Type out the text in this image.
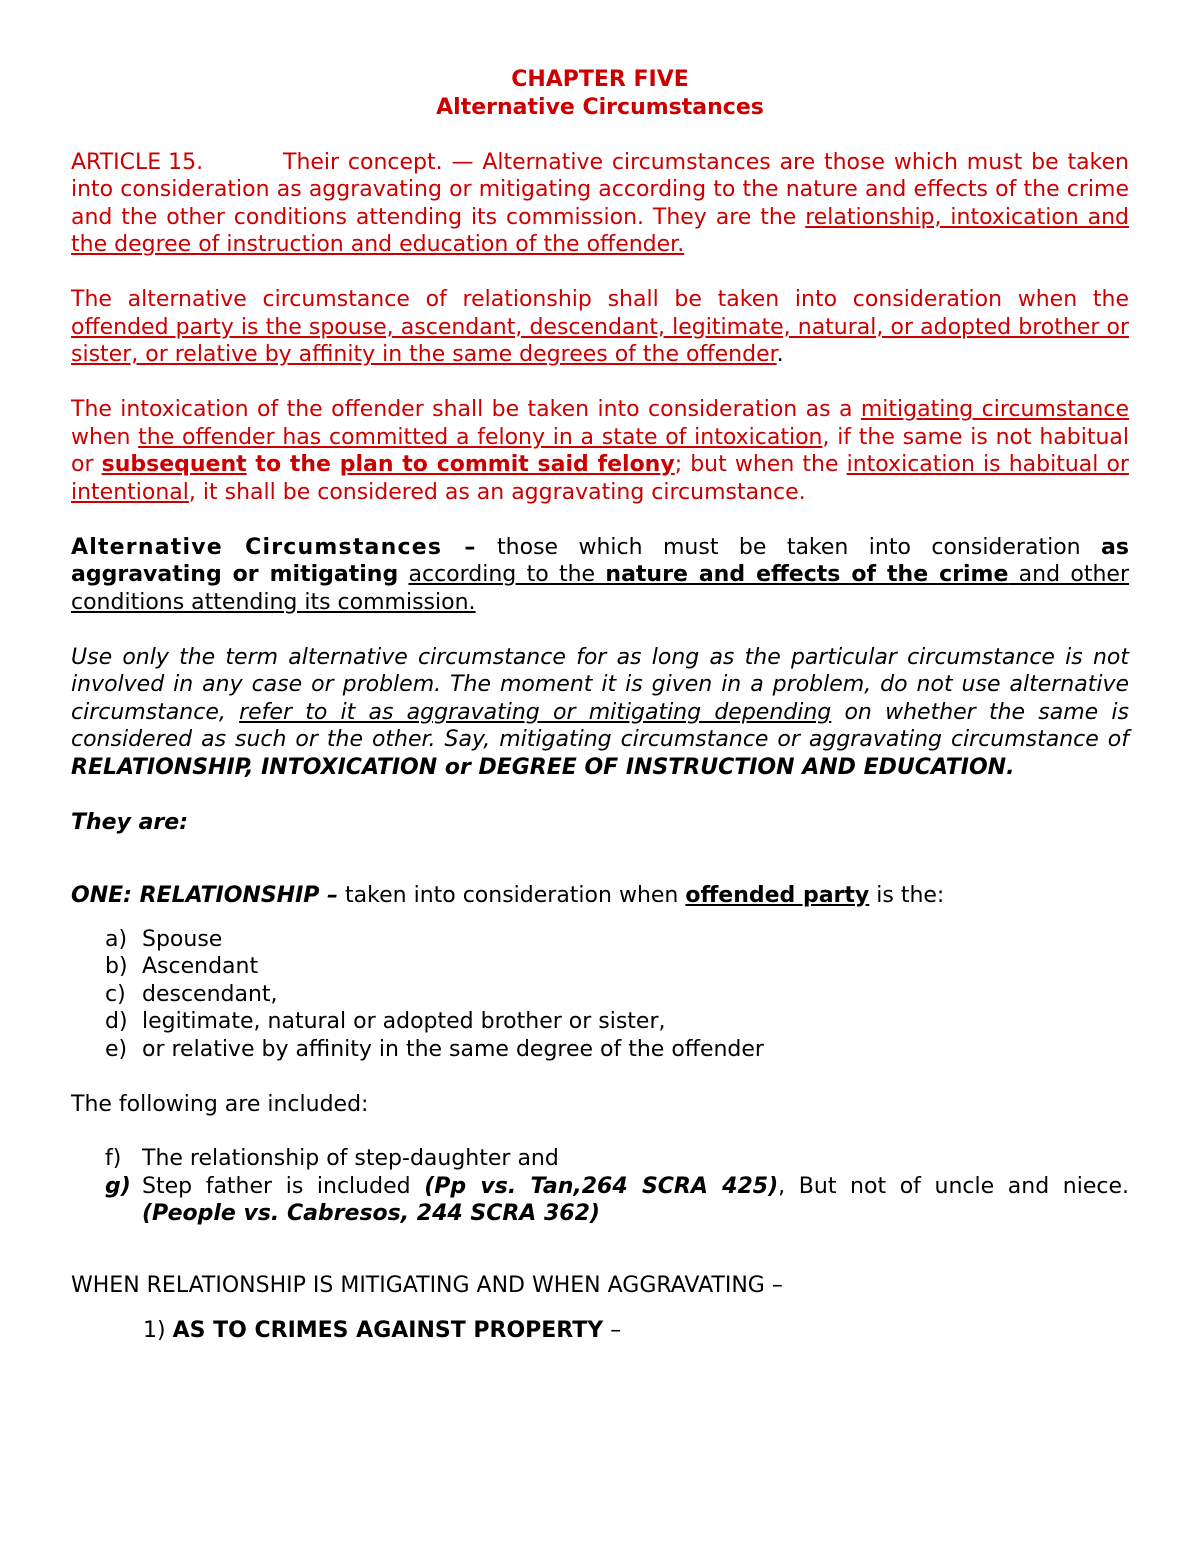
CHAPTER FIVE

Alternative Circumstances

ARTICLE 15.	Their concept. — Alternative circumstances are those which must be taken into consideration as aggravating or mitigating according to the nature and effects of the crime and the other conditions attending its commission. They are the relationship, intoxication and the degree of instruction and education of the offender.

The alternative circumstance of relationship shall be taken into consideration when the offended party is the spouse, ascendant, descendant, legitimate, natural, or adopted brother or sister, or relative by affinity in the same degrees of the offender.

The intoxication of the offender shall be taken into consideration as a mitigating circumstance when the offender has committed a felony in a state of intoxication, if the same is not habitual or subsequent to the plan to commit said felony; but when the intoxication is habitual or intentional, it shall be considered as an aggravating circumstance.

Alternative Circumstances – those which must be taken into consideration as aggravating or mitigating according to the nature and effects of the crime and other conditions attending its commission.

Use only the term alternative circumstance for as long as the particular circumstance is not involved in any case or problem. The moment it is given in a problem, do not use alternative circumstance, refer to it as aggravating or mitigating depending on whether the same is considered as such or the other. Say, mitigating circumstance or aggravating circumstance of RELATIONSHIP, INTOXICATION or DEGREE OF INSTRUCTION AND EDUCATION.

They are:

ONE: RELATIONSHIP – taken into consideration when offended party is the:

a) Spouse
b) Ascendant
c) descendant,
d) legitimate, natural or adopted brother or sister,
e) or relative by affinity in the same degree of the offender

The following are included:

f) The relationship of step-daughter and
g) Step father is included (Pp vs. Tan,264 SCRA 425), But not of uncle and niece. (People vs. Cabresos, 244 SCRA 362)

WHEN RELATIONSHIP IS MITIGATING AND WHEN AGGRAVATING –

1) AS TO CRIMES AGAINST PROPERTY –
